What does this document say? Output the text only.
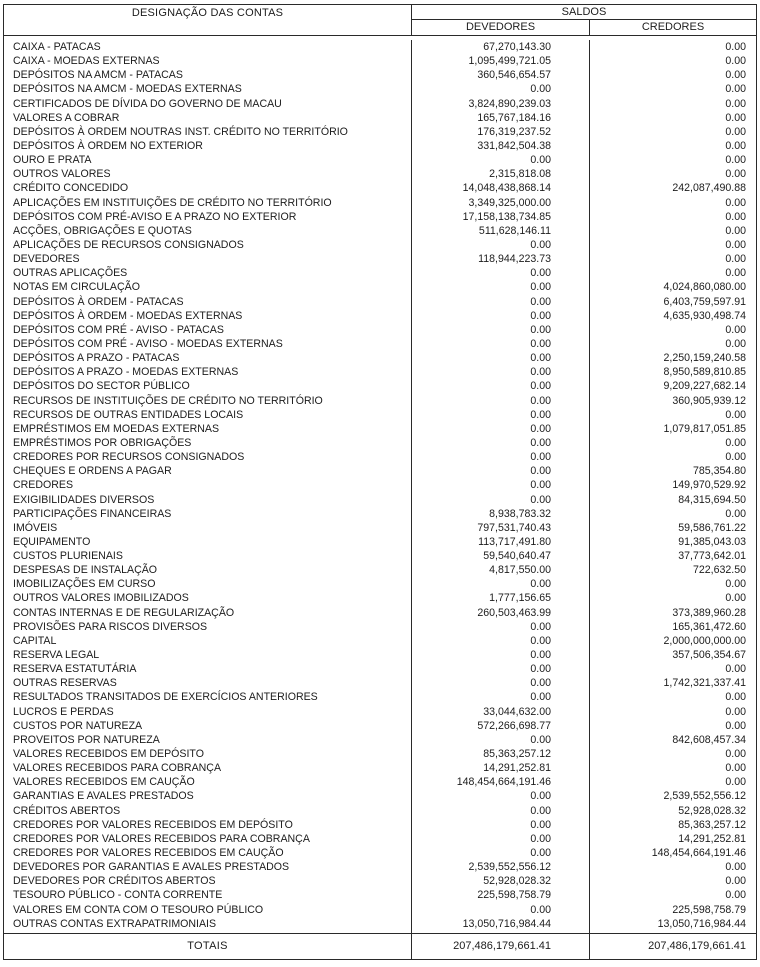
DESIGNAÇÃO DAS CONTAS	SALDOS
DEVEDORES	CREDORES
CAIXA - PATACAS	67,270,143.30	0.00
CAIXA - MOEDAS EXTERNAS	1,095,499,721.05	0.00
DEPÓSITOS NA AMCM - PATACAS	360,546,654.57	0.00
DEPÓSITOS NA AMCM - MOEDAS EXTERNAS	0.00	0.00
CERTIFICADOS DE DÍVIDA DO GOVERNO DE MACAU	3,824,890,239.03	0.00
VALORES A COBRAR	165,767,184.16	0.00
DEPÓSITOS À ORDEM NOUTRAS INST. CRÉDITO NO TERRITÓRIO	176,319,237.52	0.00
DEPÓSITOS À ORDEM NO EXTERIOR	331,842,504.38	0.00
OURO E PRATA	0.00	0.00
OUTROS VALORES	2,315,818.08	0.00
CRÉDITO CONCEDIDO	14,048,438,868.14	242,087,490.88
APLICAÇÕES EM INSTITUIÇÕES DE CRÉDITO NO TERRITÓRIO	3,349,325,000.00	0.00
DEPÓSITOS COM PRÉ-AVISO E A PRAZO NO EXTERIOR	17,158,138,734.85	0.00
ACÇÕES, OBRIGAÇÕES E QUOTAS	511,628,146.11	0.00
APLICAÇÕES DE RECURSOS CONSIGNADOS	0.00	0.00
DEVEDORES	118,944,223.73	0.00
OUTRAS APLICAÇÕES	0.00	0.00
NOTAS EM CIRCULAÇÃO	0.00	4,024,860,080.00
DEPÓSITOS À ORDEM - PATACAS	0.00	6,403,759,597.91
DEPÓSITOS À ORDEM - MOEDAS EXTERNAS	0.00	4,635,930,498.74
DEPÓSITOS COM PRÉ - AVISO - PATACAS	0.00	0.00
DEPÓSITOS COM PRÉ - AVISO - MOEDAS EXTERNAS	0.00	0.00
DEPÓSITOS A PRAZO - PATACAS	0.00	2,250,159,240.58
DEPÓSITOS A PRAZO - MOEDAS EXTERNAS	0.00	8,950,589,810.85
DEPÓSITOS DO SECTOR PÚBLICO	0.00	9,209,227,682.14
RECURSOS DE INSTITUIÇÕES DE CRÉDITO NO TERRITÓRIO	0.00	360,905,939.12
RECURSOS DE OUTRAS ENTIDADES LOCAIS	0.00	0.00
EMPRÉSTIMOS EM MOEDAS EXTERNAS	0.00	1,079,817,051.85
EMPRÉSTIMOS POR OBRIGAÇÕES	0.00	0.00
CREDORES POR RECURSOS CONSIGNADOS	0.00	0.00
CHEQUES E ORDENS A PAGAR	0.00	785,354.80
CREDORES	0.00	149,970,529.92
EXIGIBILIDADES DIVERSOS	0.00	84,315,694.50
PARTICIPAÇÕES FINANCEIRAS	8,938,783.32	0.00
IMÓVEIS	797,531,740.43	59,586,761.22
EQUIPAMENTO	113,717,491.80	91,385,043.03
CUSTOS PLURIENAIS	59,540,640.47	37,773,642.01
DESPESAS DE INSTALAÇÃO	4,817,550.00	722,632.50
IMOBILIZAÇÕES EM CURSO	0.00	0.00
OUTROS VALORES IMOBILIZADOS	1,777,156.65	0.00
CONTAS INTERNAS E DE REGULARIZAÇÃO	260,503,463.99	373,389,960.28
PROVISÕES PARA RISCOS DIVERSOS	0.00	165,361,472.60
CAPITAL	0.00	2,000,000,000.00
RESERVA LEGAL	0.00	357,506,354.67
RESERVA ESTATUTÁRIA	0.00	0.00
OUTRAS RESERVAS	0.00	1,742,321,337.41
RESULTADOS TRANSITADOS DE EXERCÍCIOS ANTERIORES	0.00	0.00
LUCROS E PERDAS	33,044,632.00	0.00
CUSTOS POR NATUREZA	572,266,698.77	0.00
PROVEITOS POR NATUREZA	0.00	842,608,457.34
VALORES RECEBIDOS EM DEPÓSITO	85,363,257.12	0.00
VALORES RECEBIDOS PARA COBRANÇA	14,291,252.81	0.00
VALORES RECEBIDOS EM CAUÇÃO	148,454,664,191.46	0.00
GARANTIAS E AVALES PRESTADOS	0.00	2,539,552,556.12
CRÉDITOS ABERTOS	0.00	52,928,028.32
CREDORES POR VALORES RECEBIDOS EM DEPÓSITO	0.00	85,363,257.12
CREDORES POR VALORES RECEBIDOS PARA COBRANÇA	0.00	14,291,252.81
CREDORES POR VALORES RECEBIDOS EM CAUÇÃO	0.00	148,454,664,191.46
DEVEDORES POR GARANTIAS E AVALES PRESTADOS	2,539,552,556.12	0.00
DEVEDORES POR CRÉDITOS ABERTOS	52,928,028.32	0.00
TESOURO PÚBLICO - CONTA CORRENTE	225,598,758.79	0.00
VALORES EM CONTA COM O TESOURO PÚBLICO	0.00	225,598,758.79
OUTRAS CONTAS EXTRAPATRIMONIAIS	13,050,716,984.44	13,050,716,984.44
TOTAIS	207,486,179,661.41	207,486,179,661.41
